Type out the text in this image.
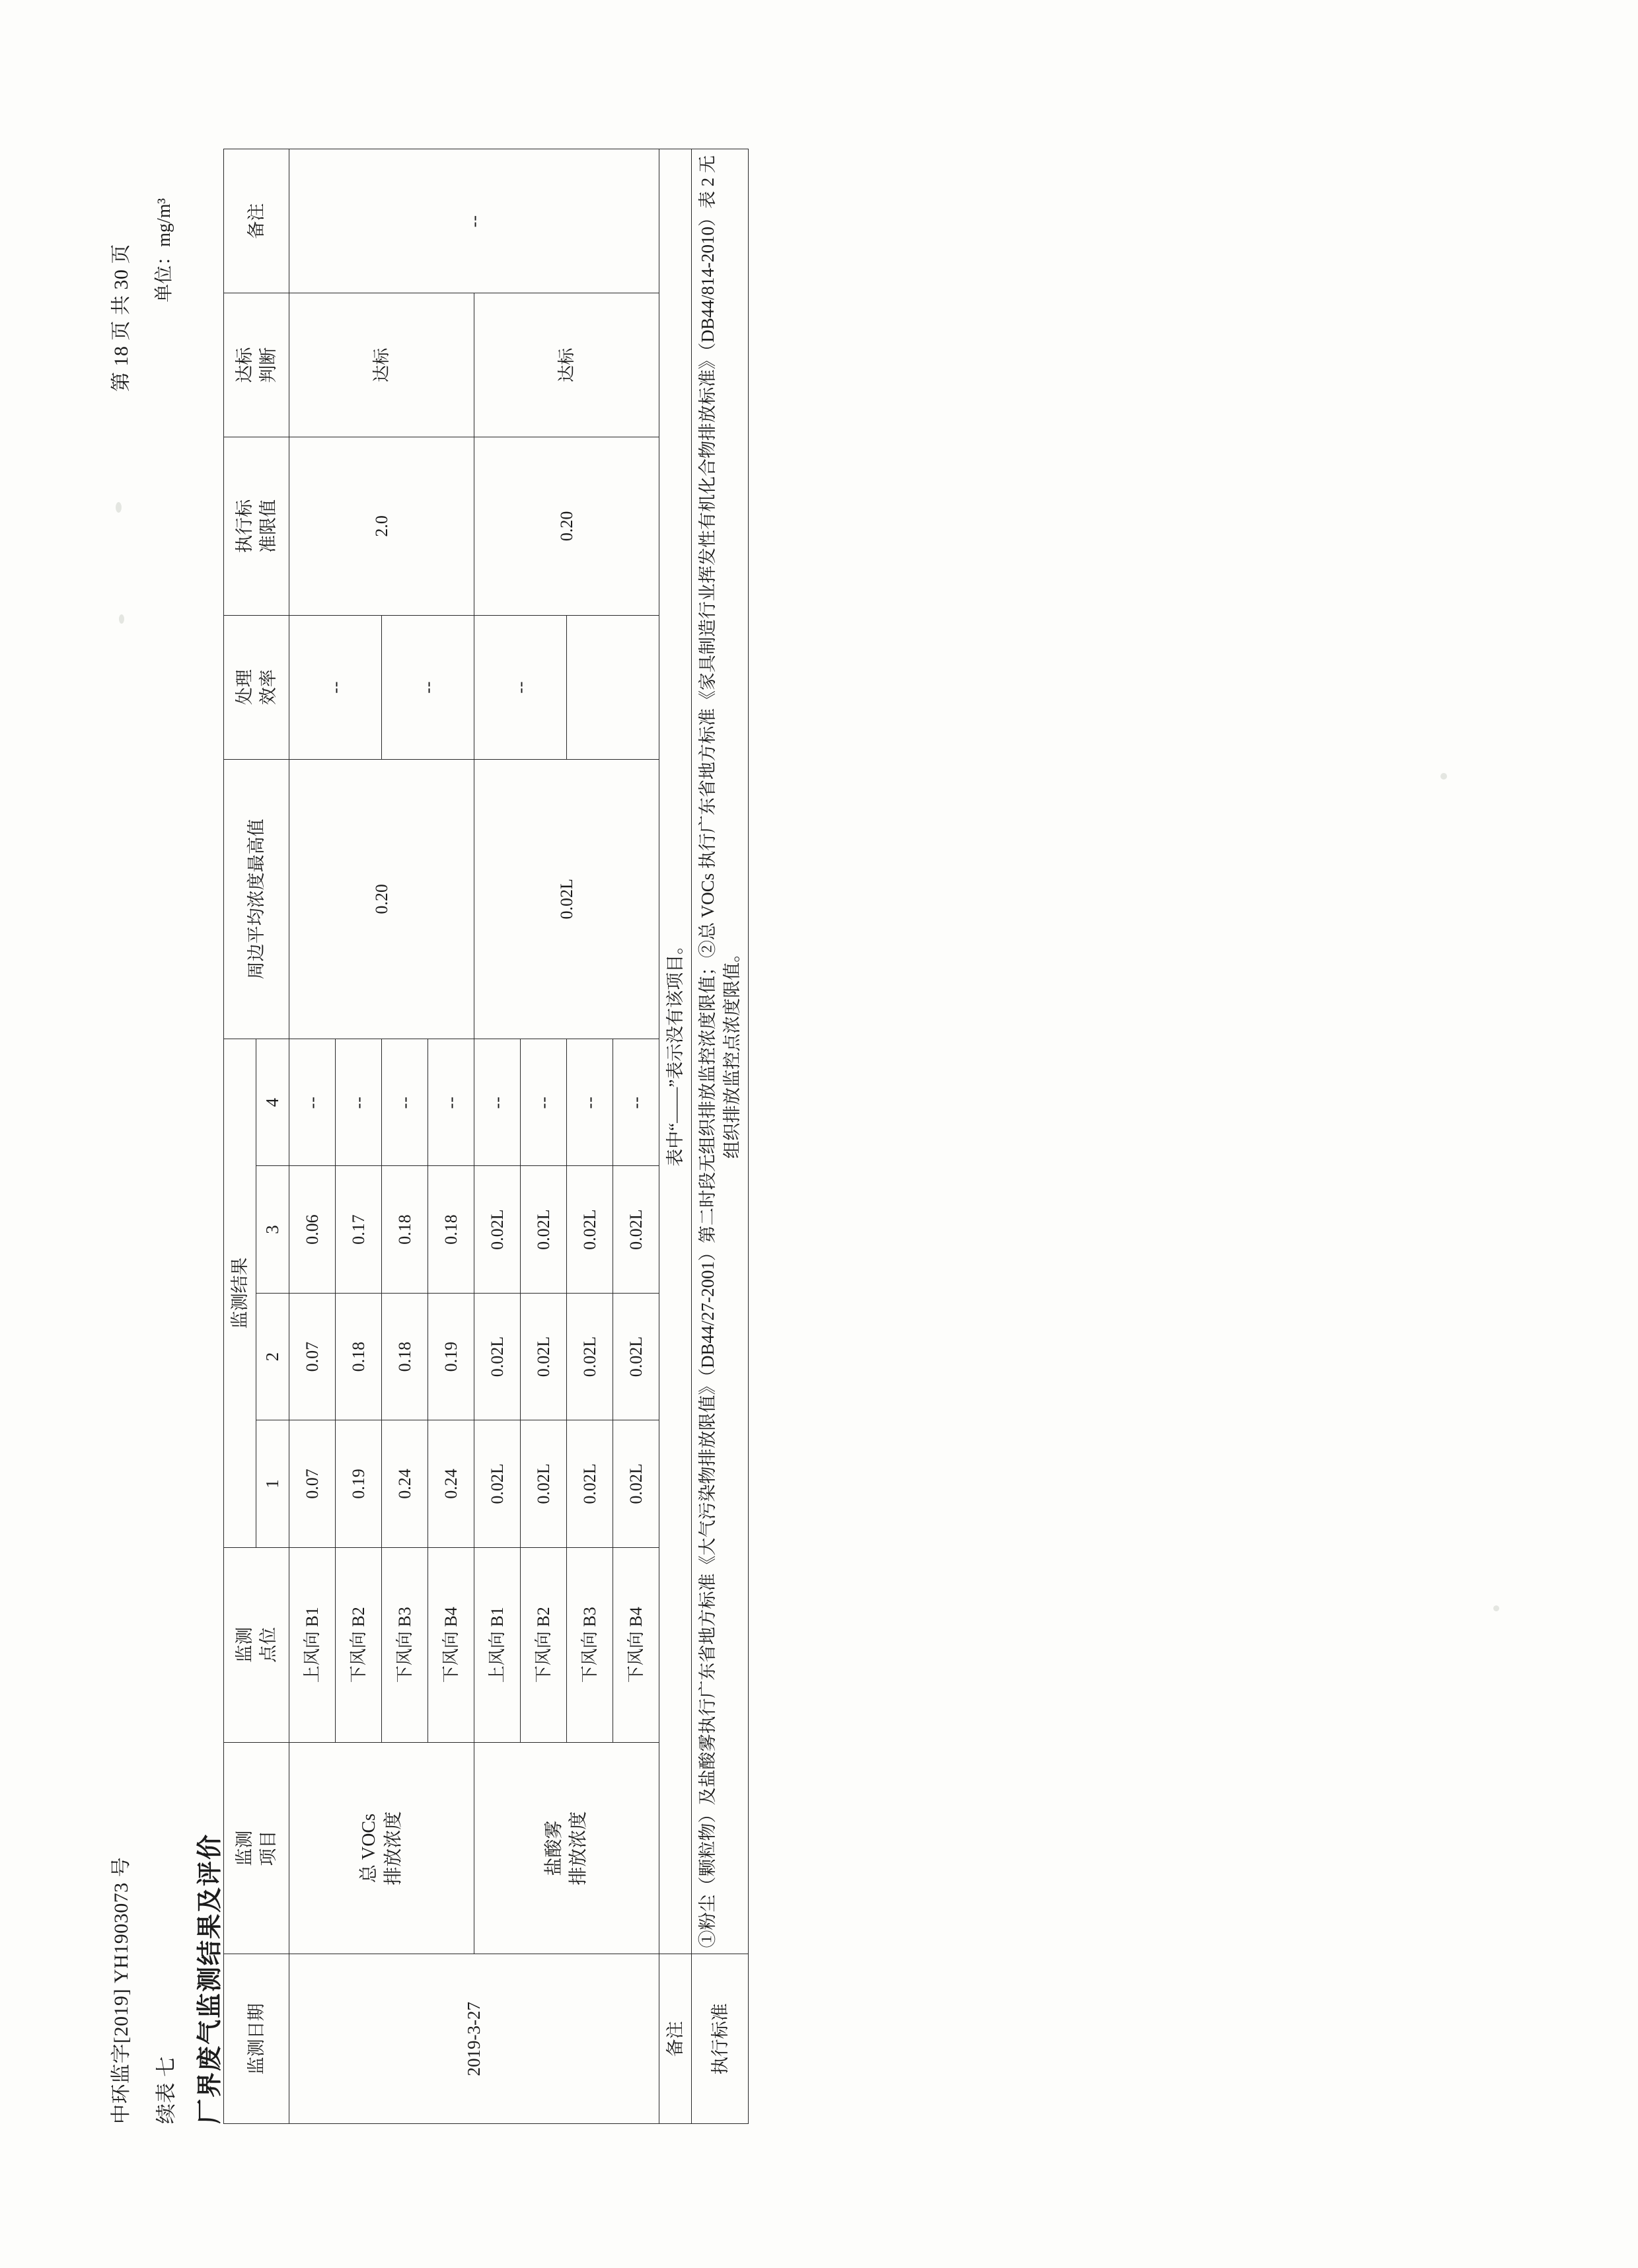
中环监字[2019] YH1903073 号
第 18 页 共 30 页
续表 七
单位：mg/m³
厂界废气监测结果及评价 监测日期	监测 项目	监测 点位	监测结果				周边平均浓度最高值	处理 效率	执行标 准限值	达标 判断	备注
			1	2	3	4					
2019-3-27	总 VOCs 排放浓度	上风向 B1	0.07	0.07	0.06	--	0.20	--	2.0	达标	--
		下风向 B2	0.19	0.18	0.17	--					
		下风向 B3	0.24	0.18	0.18	--		--			
		下风向 B4	0.24	0.19	0.18	--					
	盐酸雾 排放浓度	上风向 B1	0.02L	0.02L	0.02L	--	0.02L	--	0.20	达标	
		下风向 B2	0.02L	0.02L	0.02L	--					
		下风向 B3	0.02L	0.02L	0.02L	--					
		下风向 B4	0.02L	0.02L	0.02L	--					
备注	表中“——”表示没有该项目。										
执行标准	①粉尘（颗粒物）及盐酸雾执行广东省地方标准《大气污染物排放限值》（DB44/27-2001）第二时段无组织排放监控浓度限值；②总 VOCs 执行广东省地方标准《家具制造行业挥发性有机化合物排放标准》（DB44/814-2010）表 2 无组织排放监控点浓度限值。										
